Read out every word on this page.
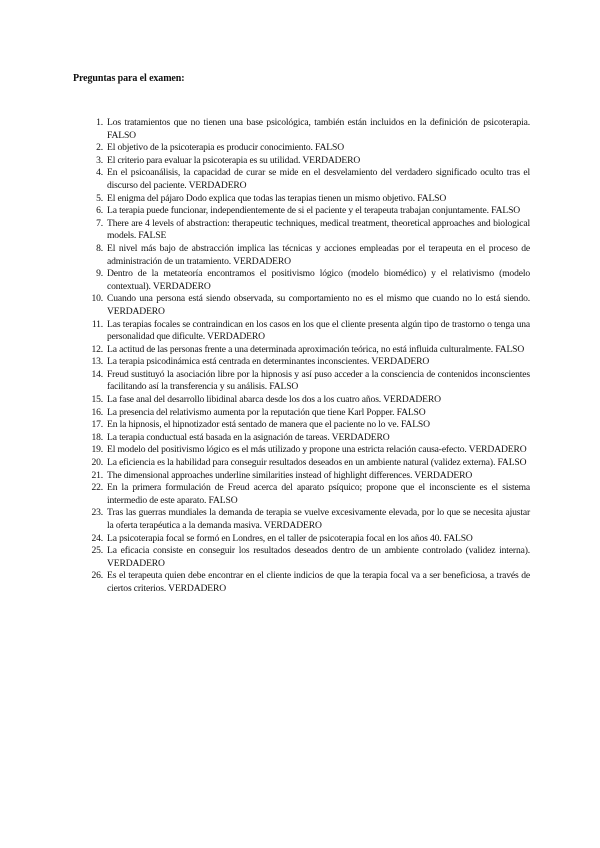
Preguntas para el examen:
1. Los tratamientos que no tienen una base psicológica, también están incluidos en la definición de psicoterapia. FALSO
2. El objetivo de la psicoterapia es producir conocimiento. FALSO
3. El criterio para evaluar la psicoterapia es su utilidad. VERDADERO
4. En el psicoanálisis, la capacidad de curar se mide en el desvelamiento del verdadero significado oculto tras el discurso del paciente. VERDADERO
5. El enigma del pájaro Dodo explica que todas las terapias tienen un mismo objetivo. FALSO
6. La terapia puede funcionar, independientemente de si el paciente y el terapeuta trabajan conjuntamente. FALSO
7. There are 4 levels of abstraction: therapeutic techniques, medical treatment, theoretical approaches and biological models. FALSE
8. El nivel más bajo de abstracción implica las técnicas y acciones empleadas por el terapeuta en el proceso de administración de un tratamiento. VERDADERO
9. Dentro de la metateoría encontramos el positivismo lógico (modelo biomédico) y el relativismo (modelo contextual). VERDADERO
10. Cuando una persona está siendo observada, su comportamiento no es el mismo que cuando no lo está siendo. VERDADERO
11. Las terapias focales se contraindican en los casos en los que el cliente presenta algún tipo de trastorno o tenga una personalidad que dificulte. VERDADERO
12. La actitud de las personas frente a una determinada aproximación teórica, no está influida culturalmente. FALSO
13. La terapia psicodinámica está centrada en determinantes inconscientes. VERDADERO
14. Freud sustituyó la asociación libre por la hipnosis y así puso acceder a la consciencia de contenidos inconscientes facilitando así la transferencia y su análisis. FALSO
15. La fase anal del desarrollo libidinal abarca desde los dos a los cuatro años. VERDADERO
16. La presencia del relativismo aumenta por la reputación que tiene Karl Popper. FALSO
17. En la hipnosis, el hipnotizador está sentado de manera que el paciente no lo ve. FALSO
18. La terapia conductual está basada en la asignación de tareas. VERDADERO
19. El modelo del positivismo lógico es el más utilizado y propone una estricta relación causa-efecto. VERDADERO
20. La eficiencia es la habilidad para conseguir resultados deseados en un ambiente natural (validez externa). FALSO
21. The dimensional approaches underline similarities instead of highlight differences. VERDADERO
22. En la primera formulación de Freud acerca del aparato psíquico; propone que el inconsciente es el sistema intermedio de este aparato. FALSO
23. Tras las guerras mundiales la demanda de terapia se vuelve excesivamente elevada, por lo que se necesita ajustar la oferta terapéutica a la demanda masiva. VERDADERO
24. La psicoterapia focal se formó en Londres, en el taller de psicoterapia focal en los años 40. FALSO
25. La eficacia consiste en conseguir los resultados deseados dentro de un ambiente controlado (validez interna). VERDADERO
26. Es el terapeuta quien debe encontrar en el cliente indicios de que la terapia focal va a ser beneficiosa, a través de ciertos criterios. VERDADERO
